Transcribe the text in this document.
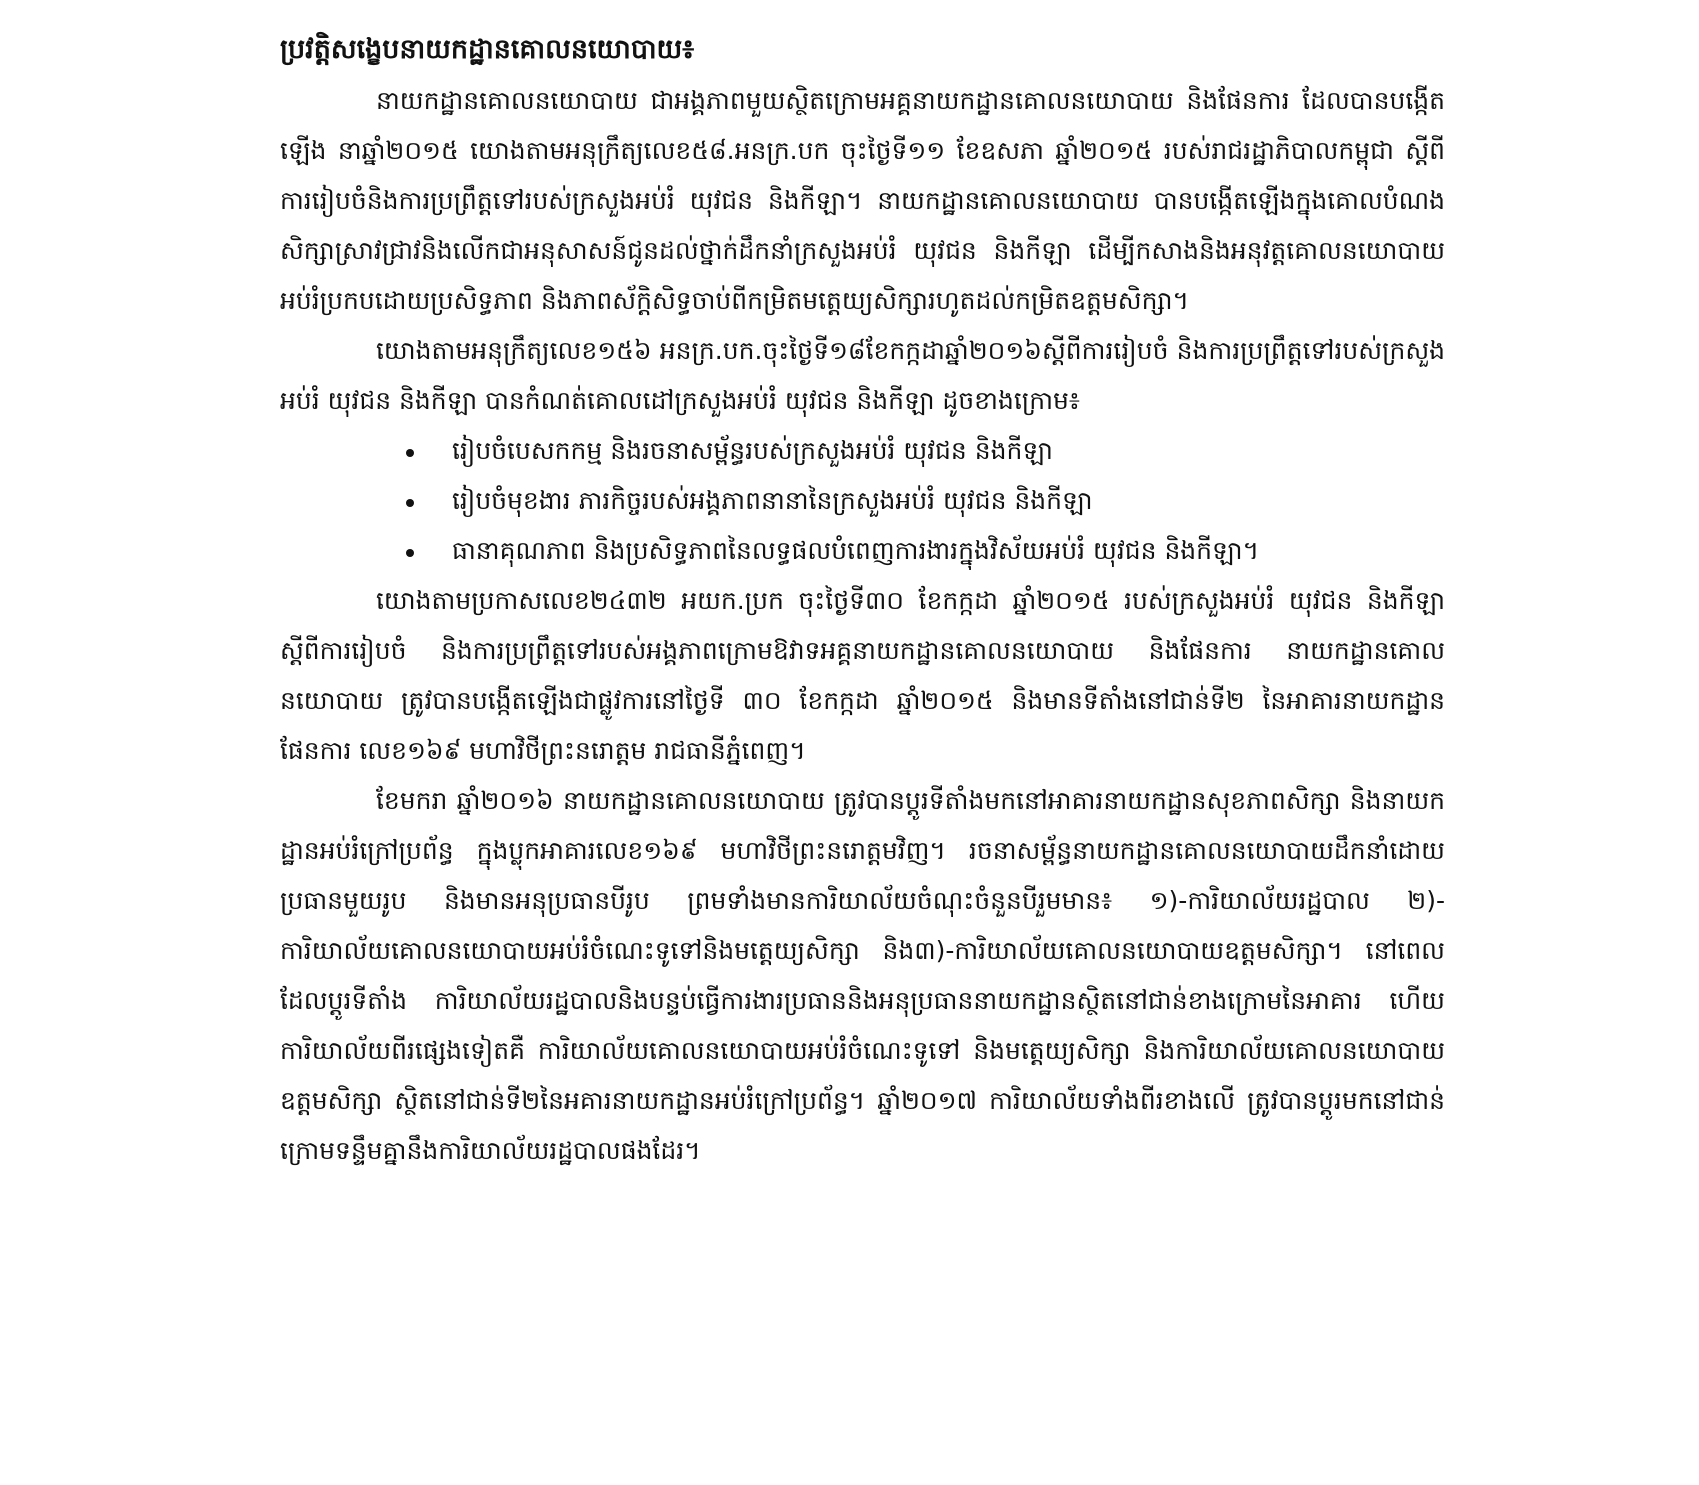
ប្រវត្តិសង្ខេបនាយកដ្ឋានគោលនយោបាយ៖

នាយកដ្ឋានគោលនយោបាយ ជាអង្គភាពមួយស្ថិតក្រោមអគ្គនាយកដ្ឋានគោលនយោបាយ និងផែនការ ដែលបានបង្កើតឡើង នាឆ្នាំ២០១៥ យោងតាមអនុក្រឹត្យលេខ៥៨.អនក្រ.បក ចុះថ្ងៃទី១១ ខែឧសភា ឆ្នាំ២០១៥ របស់រាជរដ្ឋាភិបាលកម្ពុជា ស្តីពីការរៀបចំនិងការប្រព្រឹត្តទៅរបស់ក្រសួងអប់រំ យុវជន និងកីឡា។ នាយកដ្ឋានគោលនយោបាយ បានបង្កើតឡើងក្នុងគោលបំណងសិក្សាស្រាវជ្រាវនិងលើកជាអនុសាសន៍ជូនដល់ថ្នាក់ដឹកនាំក្រសួងអប់រំ យុវជន និងកីឡា ដើម្បីកសាងនិងអនុវត្តគោលនយោបាយអប់រំប្រកបដោយប្រសិទ្ធភាព និងភាពស័ក្តិសិទ្ធចាប់ពីកម្រិតមត្តេយ្យសិក្សារហូតដល់កម្រិតឧត្តមសិក្សា។

យោងតាមអនុក្រឹត្យលេខ១៥៦ អនក្រ.បក.ចុះថ្ងៃទី១៨ខែកក្កដាឆ្នាំ២០១៦ស្តីពីការរៀបចំ និងការប្រព្រឹត្តទៅរបស់ក្រសួងអប់រំ យុវជន និងកីឡា បានកំណត់គោលដៅក្រសួងអប់រំ យុវជន និងកីឡា ដូចខាងក្រោម៖

រៀបចំបេសកកម្ម និងរចនាសម្ព័ន្ធរបស់ក្រសួងអប់រំ យុវជន និងកីឡា
រៀបចំមុខងារ ភារកិច្ចរបស់អង្គភាពនានានៃក្រសួងអប់រំ យុវជន និងកីឡា
ធានាគុណភាព និងប្រសិទ្ធភាពនៃលទ្ធផលបំពេញការងារក្នុងវិស័យអប់រំ យុវជន និងកីឡា។

យោងតាមប្រកាសលេខ២៤៣២ អយក.ប្រក ចុះថ្ងៃទី៣០ ខែកក្កដា ឆ្នាំ២០១៥ របស់ក្រសួងអប់រំ យុវជន និងកីឡា ស្តីពីការរៀបចំ និងការប្រព្រឹត្តទៅរបស់អង្គភាពក្រោមឱវាទអគ្គនាយកដ្ឋានគោលនយោបាយ និងផែនការ នាយកដ្ឋានគោលនយោបាយ ត្រូវបានបង្កើតឡើងជាផ្លូវការនៅថ្ងៃទី ៣០ ខែកក្កដា ឆ្នាំ២០១៥ និងមានទីតាំងនៅជាន់ទី២ នៃអាគារនាយកដ្ឋានផែនការ លេខ១៦៩ មហាវិថីព្រះនរោត្តម រាជធានីភ្នំពេញ។

ខែមករា ឆ្នាំ២០១៦ នាយកដ្ឋានគោលនយោបាយ ត្រូវបានប្តូរទីតាំងមកនៅអាគារនាយកដ្ឋានសុខភាពសិក្សា និងនាយកដ្ឋានអប់រំក្រៅប្រព័ន្ធ ក្នុងប្លុកអាគារលេខ១៦៩ មហាវិថីព្រះនរោត្តមវិញ។ រចនាសម្ព័ន្ធនាយកដ្ឋានគោលនយោបាយដឹកនាំដោយប្រធានមួយរូប និងមានអនុប្រធានបីរូប ព្រមទាំងមានការិយាល័យចំណុះចំនួនបីរួមមាន៖ ១)-ការិយាល័យរដ្ឋបាល ២)-ការិយាល័យគោលនយោបាយអប់រំចំណេះទូទៅនិងមត្តេយ្យសិក្សា និង៣)-ការិយាល័យគោលនយោបាយឧត្តមសិក្សា។ នៅពេលដែលប្តូរទីតាំង ការិយាល័យរដ្ឋបាលនិងបន្ទប់ធ្វើការងារប្រធាននិងអនុប្រធាននាយកដ្ឋានស្ថិតនៅជាន់ខាងក្រោមនៃអាគារ ហើយការិយាល័យពីរផ្សេងទៀតគឺ ការិយាល័យគោលនយោបាយអប់រំចំណេះទូទៅ និងមត្តេយ្យសិក្សា និងការិយាល័យគោលនយោបាយឧត្តមសិក្សា ស្ថិតនៅជាន់ទី២នៃអគារនាយកដ្ឋានអប់រំក្រៅប្រព័ន្ធ។ ឆ្នាំ២០១៧ ការិយាល័យទាំងពីរខាងលើ ត្រូវបានប្តូរមកនៅជាន់ក្រោមទន្ទឹមគ្នានឹងការិយាល័យរដ្ឋបាលផងដែរ។
